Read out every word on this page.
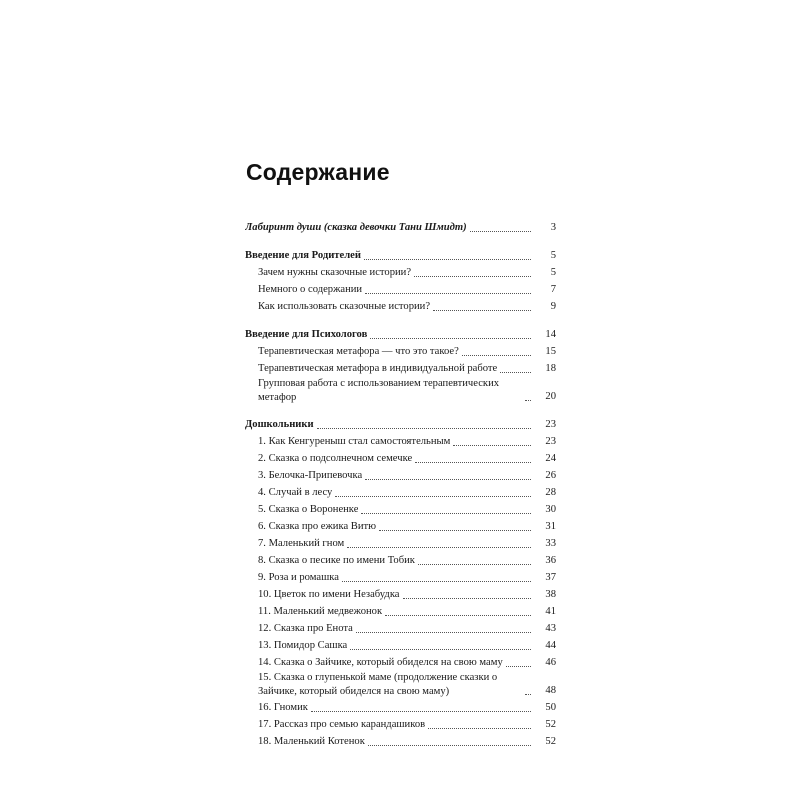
Содержание
Лабиринт души (сказка девочки Тани Шмидт)	3
Введение для Родителей	5
Зачем нужны сказочные истории?	5
Немного о содержании	7
Как использовать сказочные истории?	9
Введение для Психологов	14
Терапевтическая метафора — что это такое?	15
Терапевтическая метафора в индивидуальной работе	18
Групповая работа с использованием терапевтических метафор	20
Дошкольники	23
1. Как Кенгуреныш стал самостоятельным	23
2. Сказка о подсолнечном семечке	24
3. Белочка-Припевочка	26
4. Случай в лесу	28
5. Сказка о Вороненке	30
6. Сказка про ежика Витю	31
7. Маленький гном	33
8. Сказка о песике по имени Тобик	36
9. Роза и ромашка	37
10. Цветок по имени Незабудка	38
11. Маленький медвежонок	41
12. Сказка про Енота	43
13. Помидор Сашка	44
14. Сказка о Зайчике, который обиделся на свою маму	46
15. Сказка о глупенькой маме (продолжение сказки о Зайчике, который обиделся на свою маму)	48
16. Гномик	50
17. Рассказ про семью карандашиков	52
18. Маленький Котенок	52
